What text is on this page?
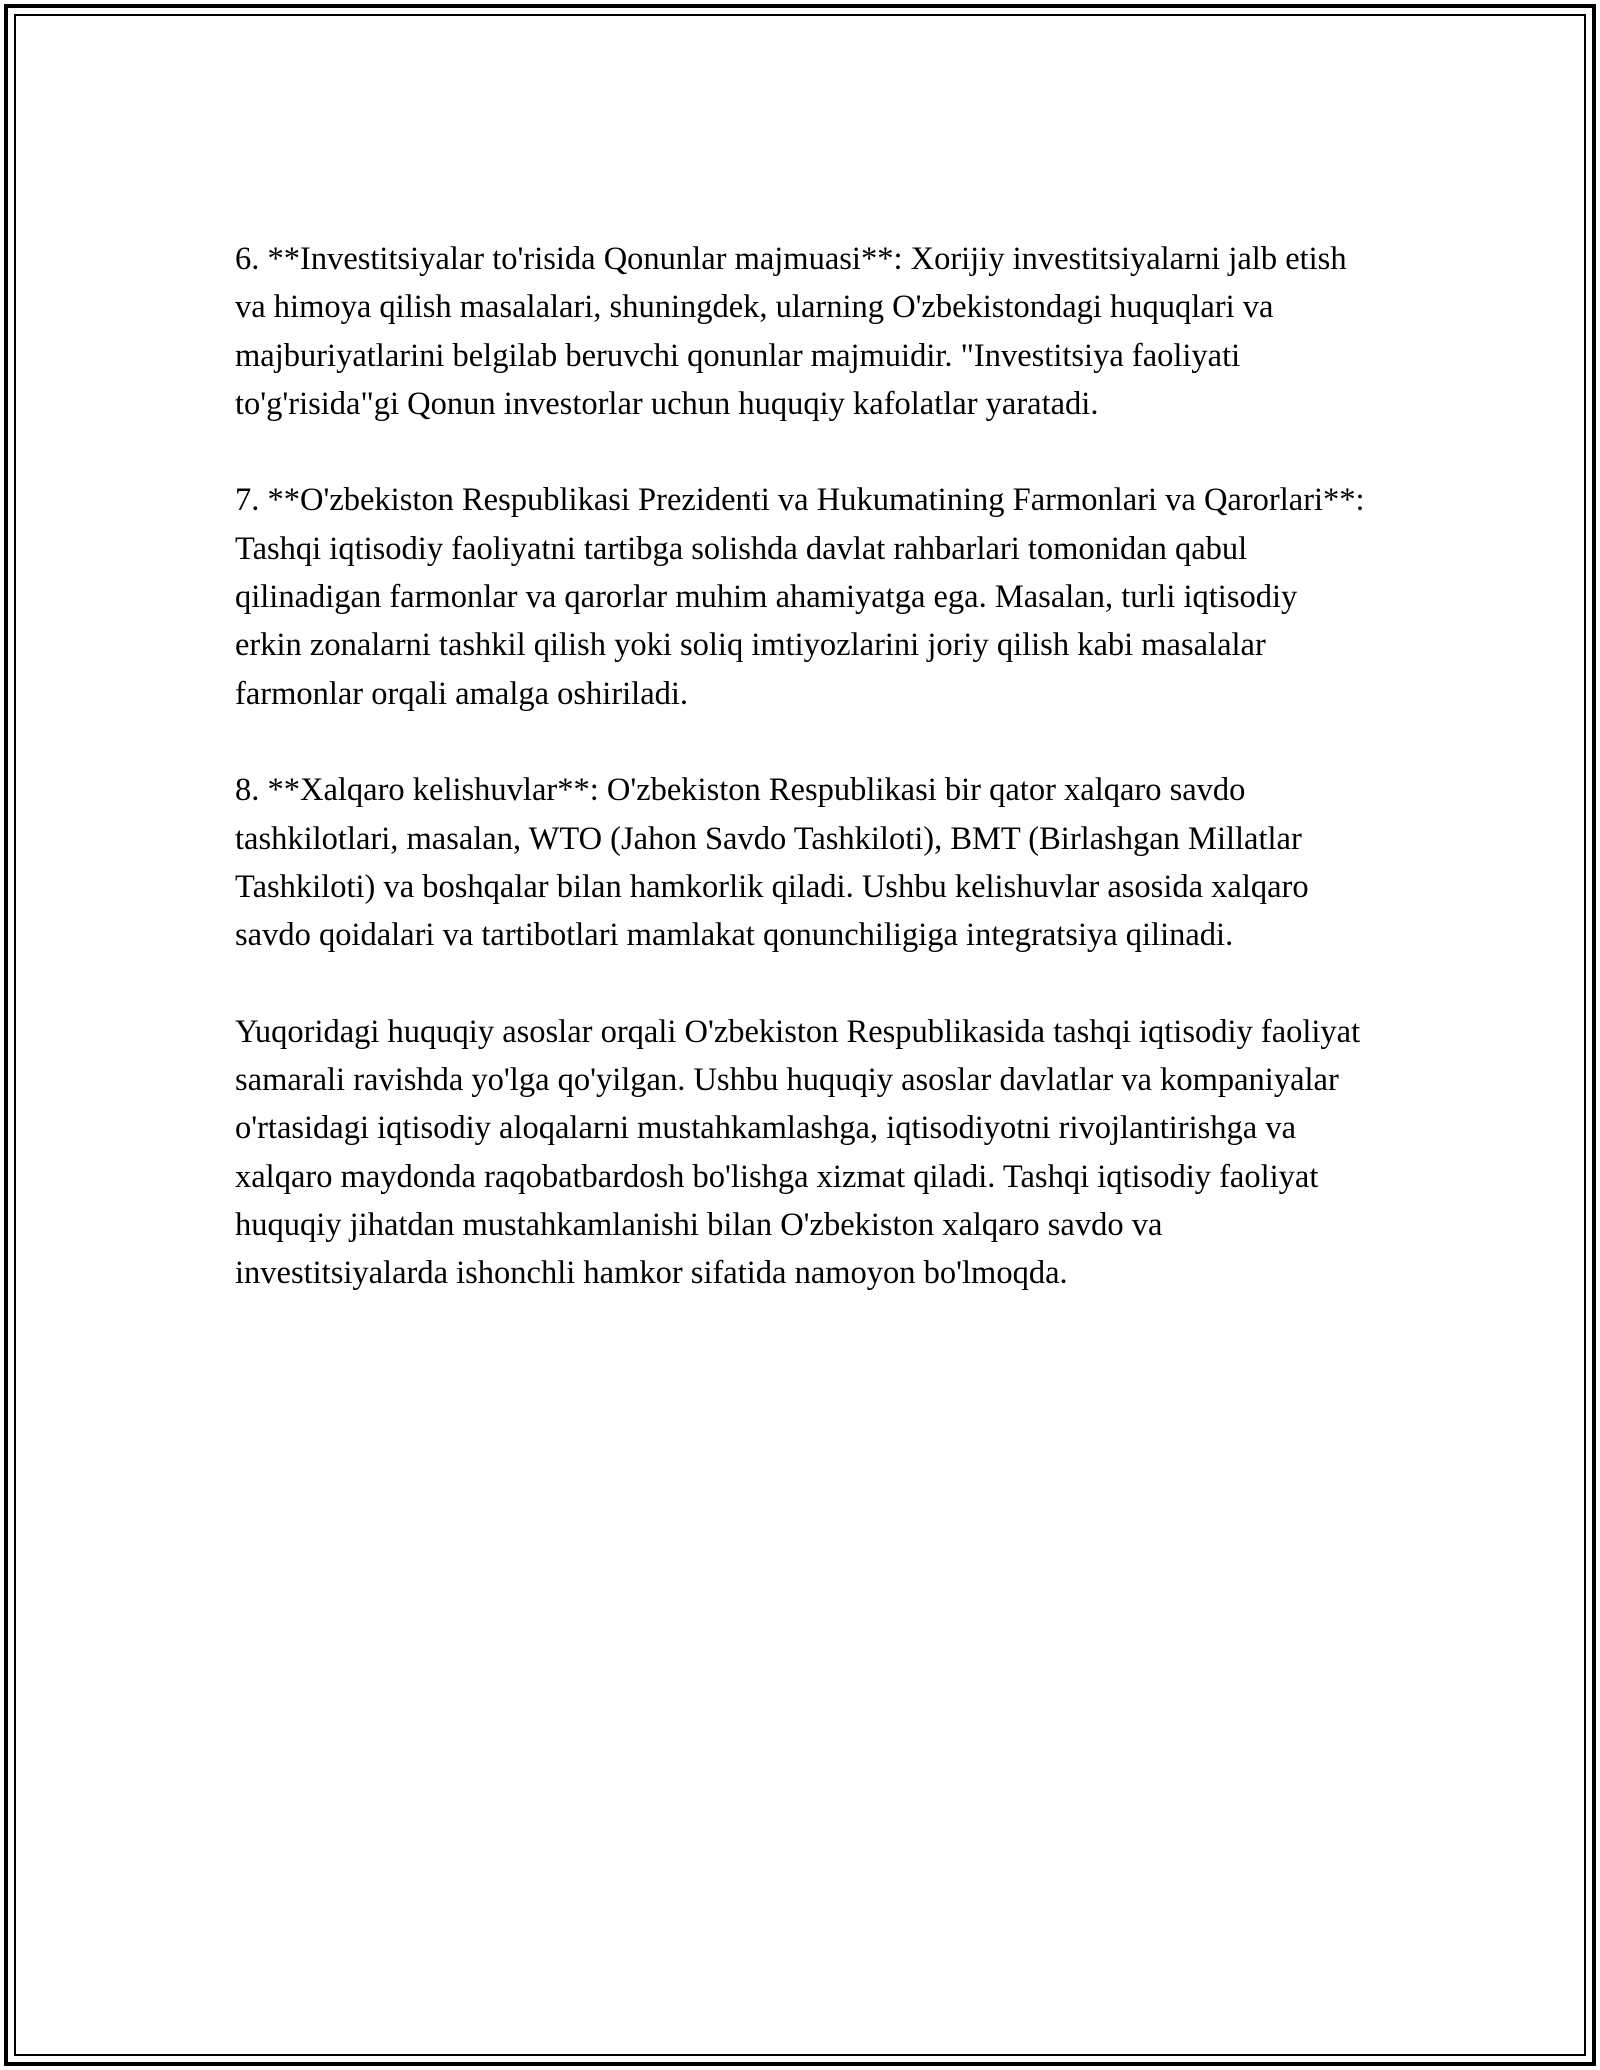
6. **Investitsiyalar to'risida Qonunlar majmuasi**: Xorijiy investitsiyalarni jalb etish va himoya qilish masalalari, shuningdek, ularning O'zbekistondagi huquqlari va majburiyatlarini belgilab beruvchi qonunlar majmuidir. "Investitsiya faoliyati to'g'risida"gi Qonun investorlar uchun huquqiy kafolatlar yaratadi.

7. **O'zbekiston Respublikasi Prezidenti va Hukumatining Farmonlari va Qarorlari**: Tashqi iqtisodiy faoliyatni tartibga solishda davlat rahbarlari tomonidan qabul qilinadigan farmonlar va qarorlar muhim ahamiyatga ega. Masalan, turli iqtisodiy erkin zonalarni tashkil qilish yoki soliq imtiyozlarini joriy qilish kabi masalalar farmonlar orqali amalga oshiriladi.

8. **Xalqaro kelishuvlar**: O'zbekiston Respublikasi bir qator xalqaro savdo tashkilotlari, masalan, WTO (Jahon Savdo Tashkiloti), BMT (Birlashgan Millatlar Tashkiloti) va boshqalar bilan hamkorlik qiladi. Ushbu kelishuvlar asosida xalqaro savdo qoidalari va tartibotlari mamlakat qonunchiligiga integratsiya qilinadi.

Yuqoridagi huquqiy asoslar orqali O'zbekiston Respublikasida tashqi iqtisodiy faoliyat samarali ravishda yo'lga qo'yilgan. Ushbu huquqiy asoslar davlatlar va kompaniyalar o'rtasidagi iqtisodiy aloqalarni mustahkamlashga, iqtisodiyotni rivojlantirishga va xalqaro maydonda raqobatbardosh bo'lishga xizmat qiladi. Tashqi iqtisodiy faoliyat huquqiy jihatdan mustahkamlanishi bilan O'zbekiston xalqaro savdo va investitsiyalarda ishonchli hamkor sifatida namoyon bo'lmoqda.
